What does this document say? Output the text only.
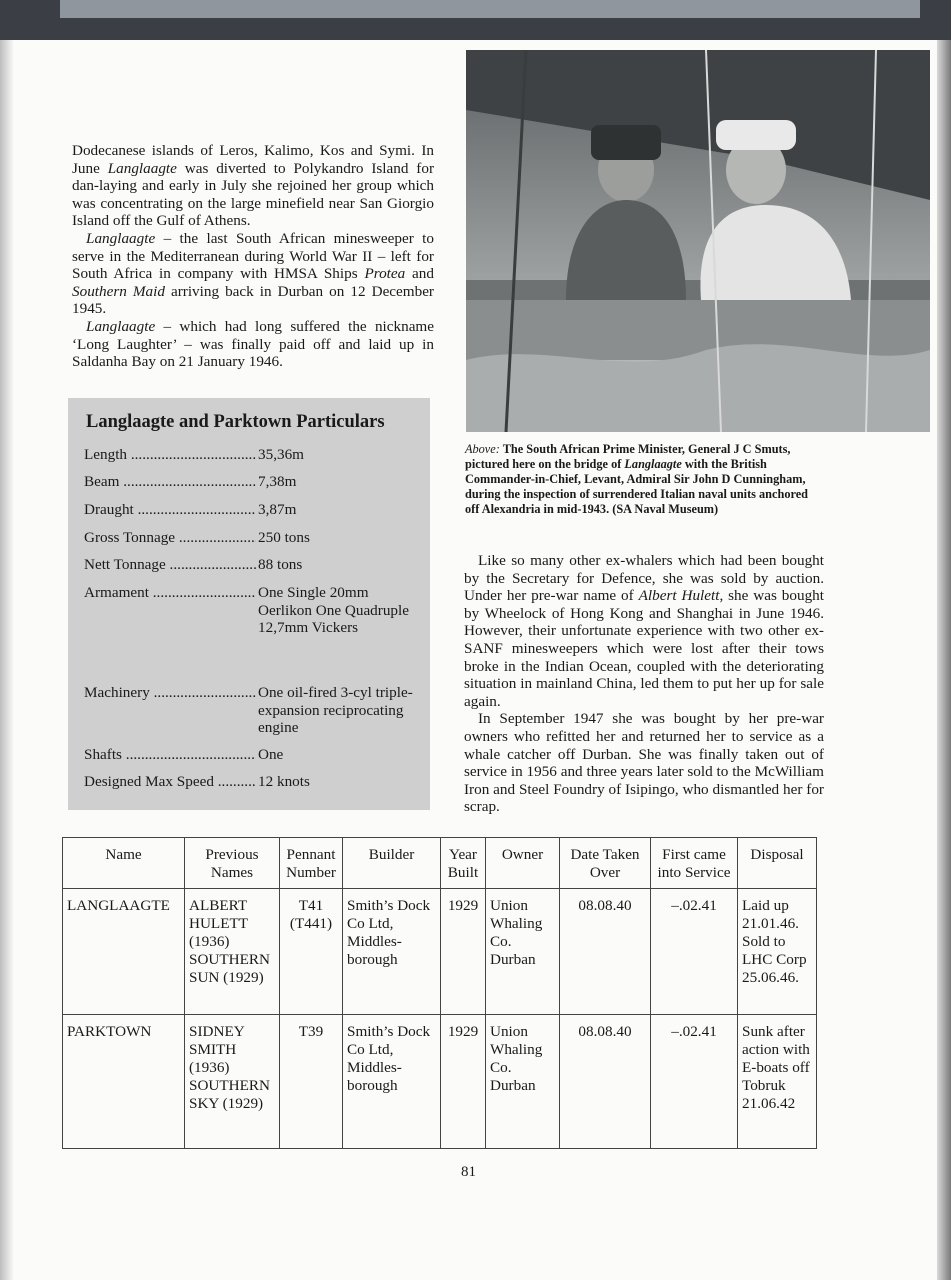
Dodecanese islands of Leros, Kalimo, Kos and Symi. In June Langlaagte was diverted to Polykandro Island for dan-laying and early in July she rejoined her group which was concentrating on the large minefield near San Giorgio Island off the Gulf of Athens.

Langlaagte – the last South African minesweeper to serve in the Mediterranean during World War II – left for South Africa in company with HMSA Ships Protea and Southern Maid arriving back in Durban on 12 December 1945.

Langlaagte – which had long suffered the nickname ‘Long Laughter’ – was finally paid off and laid up in Saldanha Bay on 21 January 1946.

Above: The South African Prime Minister, General J C Smuts, pictured here on the bridge of Langlaagte with the British Commander-in-Chief, Levant, Admiral Sir John D Cunningham, during the inspection of surrendered Italian naval units anchored off Alexandria in mid-1943. (SA Naval Museum)

Like so many other ex-whalers which had been bought by the Secretary for Defence, she was sold by auction. Under her pre-war name of Albert Hulett, she was bought by Wheelock of Hong Kong and Shanghai in June 1946. However, their unfortunate experience with two other ex-SANF minesweepers which were lost after their tows broke in the Indian Ocean, coupled with the deteriorating situation in mainland China, led them to put her up for sale again.

In September 1947 she was bought by her pre-war owners who refitted her and returned her to service as a whale catcher off Durban. She was finally taken out of service in 1956 and three years later sold to the McWilliam Iron and Steel Foundry of Isipingo, who dismantled her for scrap.

Langlaagte and Parktown Particulars
Length .....	35,36m
Beam .....	7,38m
Draught .....	3,87m
Gross Tonnage .....	250 tons
Nett Tonnage .....	88 tons
Armament .....	One Single 20mm Oerlikon One Quadruple 12,7mm Vickers
Machinery .....	One oil-fired 3-cyl triple-expansion reciprocating engine
Shafts .....	One
Designed Max Speed .....	12 knots
Name	Previous Names	Pennant Number	Builder	Year Built	Owner	Date Taken Over	First came into Service	Disposal

LANGLAAGTE	ALBERT HULETT (1936) SOUTHERN SUN (1929)	T41 (T441)	Smith’s Dock Co Ltd, Middles-borough	1929	Union Whaling Co. Durban	08.08.40	–.02.41	Laid up 21.01.46. Sold to LHC Corp 25.06.46.

PARKTOWN	SIDNEY SMITH (1936) SOUTHERN SKY (1929)	T39	Smith’s Dock Co Ltd, Middles-borough	1929	Union Whaling Co. Durban	08.08.40	–.02.41	Sunk after action with E-boats off Tobruk 21.06.42
81
